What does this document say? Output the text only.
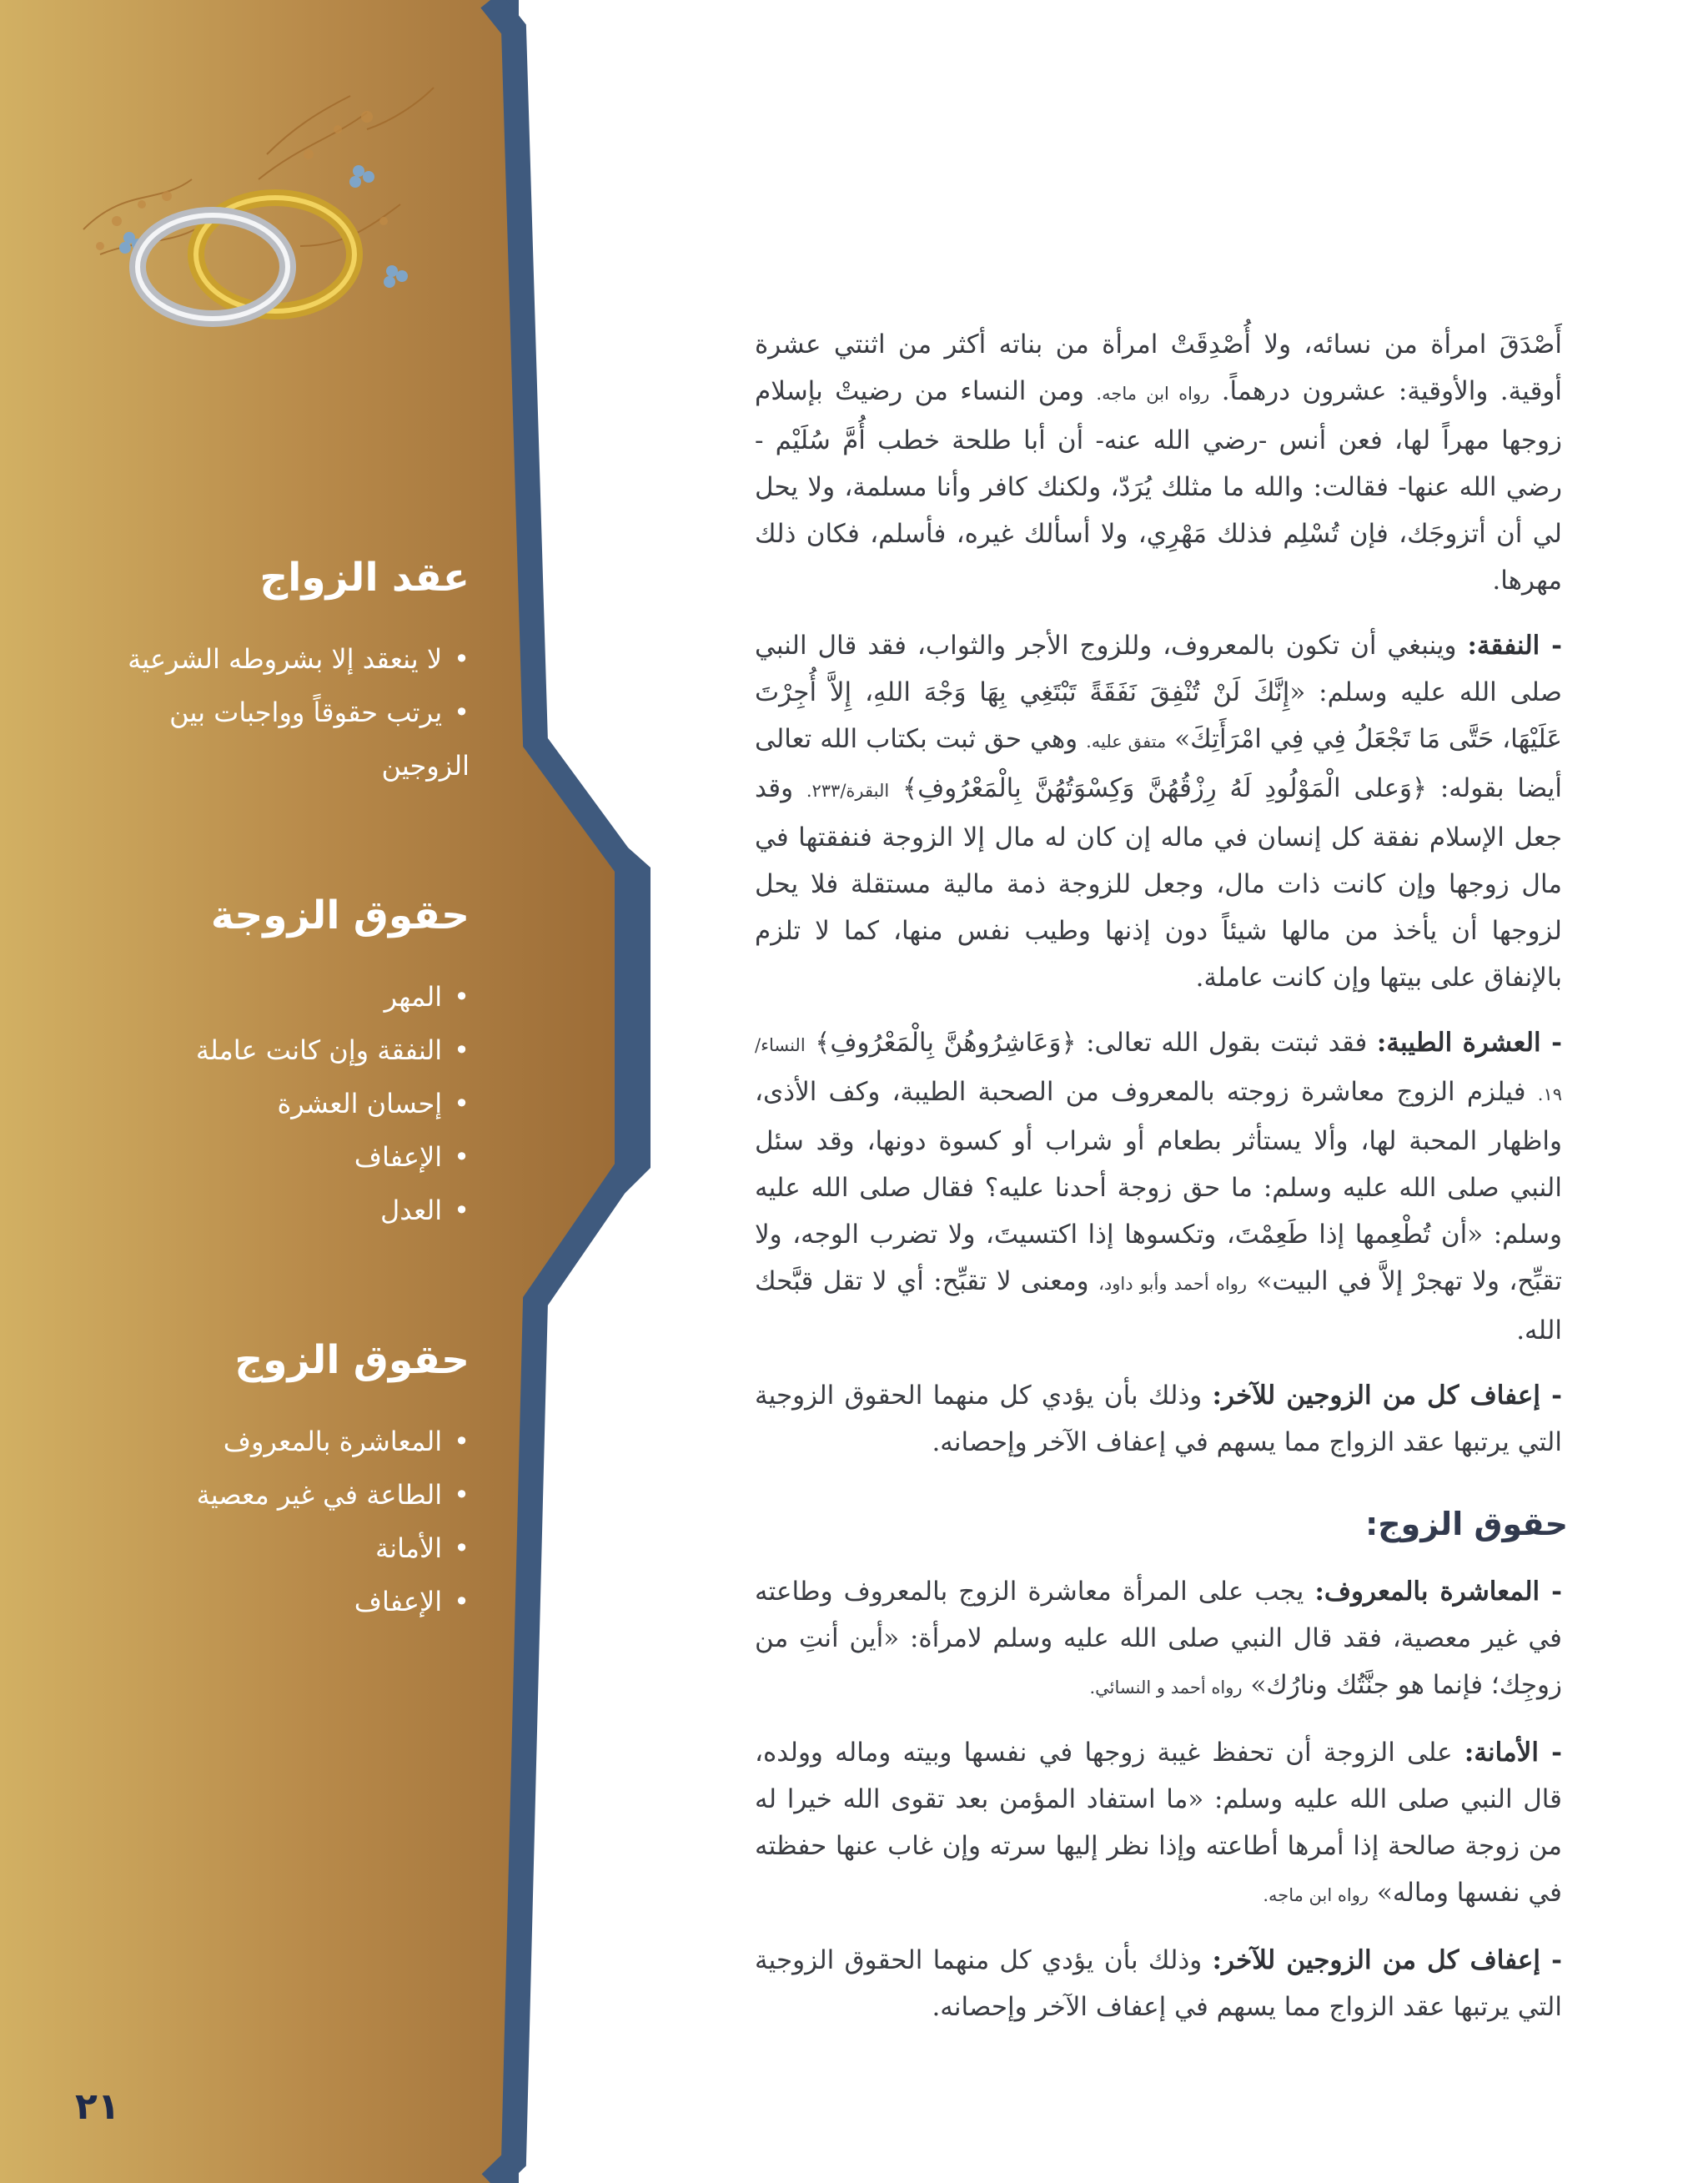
عقد الزواج
•لا ينعقد إلا بشروطه الشرعية
•يرتب حقوقاً وواجبات بين
الزوجين
حقوق الزوجة
•المهر
•النفقة وإن كانت عاملة
•إحسان العشرة
•الإعفاف
•العدل
حقوق الزوج
•المعاشرة بالمعروف
•الطاعة في غير معصية
•الأمانة
•الإعفاف
٢١

أَصْدَقَ امرأة من نسائه، ولا أُصْدِقَتْ امرأة من بناته أكثر من اثنتي عشرة أوقية. والأوقية: عشرون درهماً. رواه ابن ماجه. ومن النساء من رضيتْ بإسلام زوجها مهراً لها، فعن أنس -رضي الله عنه- أن أبا طلحة خطب أُمَّ سُلَيْم - رضي الله عنها- فقالت: والله ما مثلك يُرَدّ، ولكنك كافر وأنا مسلمة، ولا يحل لي أن أتزوجَك، فإن تُسْلِم فذلك مَهْرِي، ولا أسألك غيره، فأسلم، فكان ذلك مهرها.

- النفقة: وينبغي أن تكون بالمعروف، وللزوج الأجر والثواب، فقد قال النبي صلى الله عليه وسلم: «إِنَّكَ لَنْ تُنْفِقَ نَفَقَةً تَبْتَغِي بِهَا وَجْهَ اللهِ، إِلاَّ أُجِرْتَ عَلَيْهَا، حَتَّى مَا تَجْعَلُ فِي فِي امْرَأَتِكَ» متفق عليه. وهي حق ثبت بكتاب الله تعالى أيضا بقوله: ﴿وَعلى الْمَوْلُودِ لَهُ رِزْقُهُنَّ وَكِسْوَتُهُنَّ بِالْمَعْرُوفِ﴾ البقرة/٢٣٣. وقد جعل الإسلام نفقة كل إنسان في ماله إن كان له مال إلا الزوجة فنفقتها في مال زوجها وإن كانت ذات مال، وجعل للزوجة ذمة مالية مستقلة فلا يحل لزوجها أن يأخذ من مالها شيئاً دون إذنها وطيب نفس منها، كما لا تلزم بالإنفاق على بيتها وإن كانت عاملة.

- العشرة الطيبة: فقد ثبتت بقول الله تعالى: ﴿وَعَاشِرُوهُنَّ بِالْمَعْرُوفِ﴾ النساء/١٩. فيلزم الزوج معاشرة زوجته بالمعروف من الصحبة الطيبة، وكف الأذى، واظهار المحبة لها، وألا يستأثر بطعام أو شراب أو كسوة دونها، وقد سئل النبي صلى الله عليه وسلم: ما حق زوجة أحدنا عليه؟ فقال صلى الله عليه وسلم: «أن تُطْعِمها إذا طَعِمْتَ، وتكسوها إذا اكتسيتَ، ولا تضرب الوجه، ولا تقبِّح، ولا تهجرْ إلاَّ في البيت» رواه أحمد وأبو داود، ومعنى لا تقبِّح: أي لا تقل قبَّحك الله.

- إعفاف كل من الزوجين للآخر: وذلك بأن يؤدي كل منهما الحقوق الزوجية التي يرتبها عقد الزواج مما يسهم في إعفاف الآخر وإحصانه.

حقوق الزوج:

- المعاشرة بالمعروف: يجب على المرأة معاشرة الزوج بالمعروف وطاعته في غير معصية، فقد قال النبي صلى الله عليه وسلم لامرأة: «أين أنتِ من زوجِك؛ فإنما هو جنَّتُك ونارُك» رواه أحمد و النسائي.

- الأمانة: على الزوجة أن تحفظ غيبة زوجها في نفسها وبيته وماله وولده، قال النبي صلى الله عليه وسلم: «ما استفاد المؤمن بعد تقوى الله خيرا له من زوجة صالحة إذا أمرها أطاعته وإذا نظر إليها سرته وإن غاب عنها حفظته في نفسها وماله» رواه ابن ماجه.

- إعفاف كل من الزوجين للآخر: وذلك بأن يؤدي كل منهما الحقوق الزوجية التي يرتبها عقد الزواج مما يسهم في إعفاف الآخر وإحصانه.
